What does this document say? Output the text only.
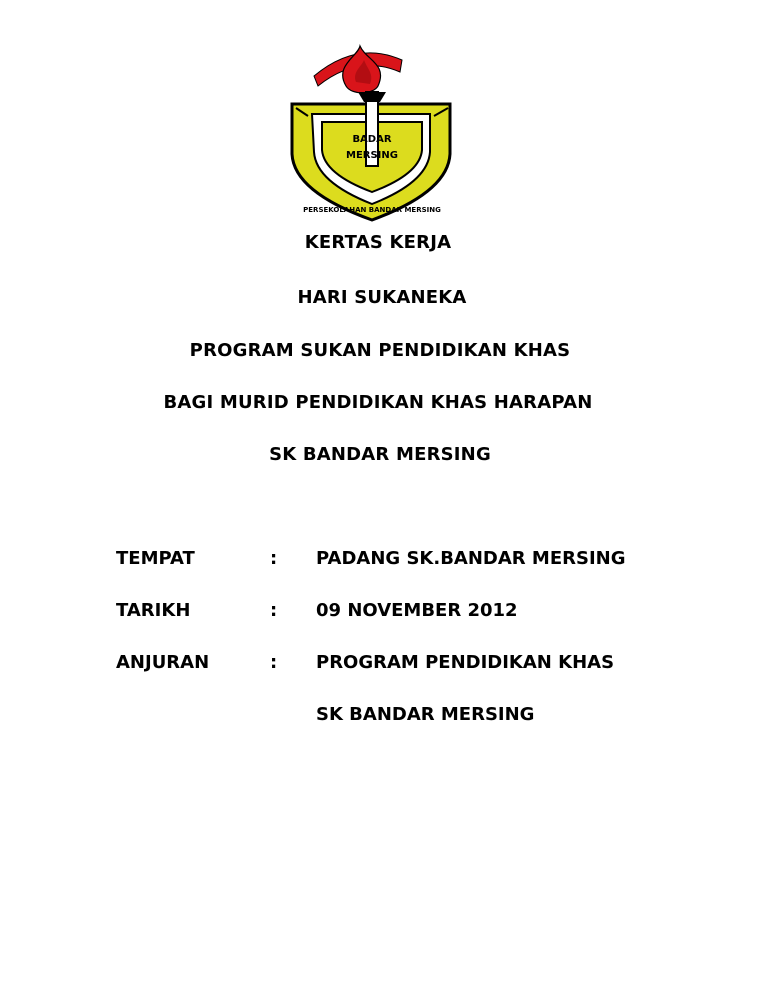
BADAR
MERSING
PERSEKOLAHAN BANDAR MERSING
KERTAS KERJA
HARI SUKANEKA
PROGRAM SUKAN PENDIDIKAN KHAS
BAGI MURID PENDIDIKAN KHAS HARAPAN
SK BANDAR MERSING
TEMPAT	: PADANG SK.BANDAR MERSING
TARIKH	: 09 NOVEMBER 2012
ANJURAN	: PROGRAM PENDIDIKAN KHAS
SK BANDAR MERSING
